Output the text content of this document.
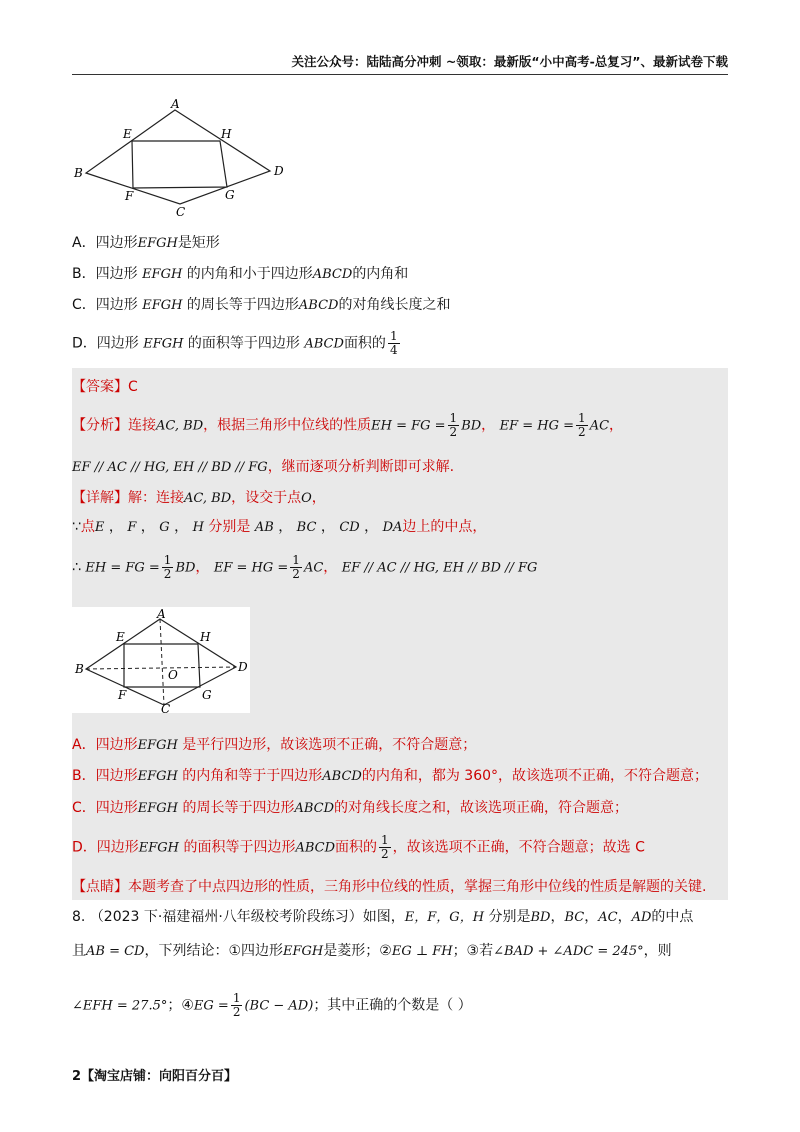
关注公众号：陆陆高分冲刺 ~领取：最新版“小中高考-总复习”、最新试卷下载
A
E	H
B	D
F	G
C
A．四边形EFGH是矩形
B．四边形 EFGH 的内角和小于四边形ABCD的内角和
C．四边形 EFGH 的周长等于四边形ABCD的对角线长度之和
D．四边形 EFGH 的面积等于四边形 ABCD面积的 $\frac{1}{4}$
【答案】C
【分析】连接AC, BD，根据三角形中位线的性质EH = FG = $\frac{1}{2}$ BD， EF = HG = $\frac{1}{2}$ AC，
EF // AC // HG, EH // BD // FG，继而逐项分析判断即可求解.
【详解】解：连接AC, BD，设交于点O，
∵点E ， F ， G ， H 分别是 AB ， BC ， CD ， DA边上的中点，
∴ EH = FG = $\frac{1}{2}$ BD， EF = HG = $\frac{1}{2}$ AC， EF // AC // HG, EH // BD // FG
A
E	H
B	D
F
O
G
C
A．四边形EFGH 是平行四边形，故该选项不正确，不符合题意；
B．四边形EFGH 的内角和等于于四边形ABCD的内角和，都为 360°，故该选项不正确，不符合题意；
C．四边形EFGH 的周长等于四边形ABCD的对角线长度之和，故该选项正确，符合题意；
D．四边形EFGH 的面积等于四边形ABCD面积的 $\frac{1}{2}$ ，故该选项不正确，不符合题意；故选 C
【点睛】本题考查了中点四边形的性质，三角形中位线的性质，掌握三角形中位线的性质是解题的关键.
8. （2023 下·福建福州·八年级校考阶段练习）如图，E，F，G，H 分别是BD，BC，AC，AD的中点
且AB = CD，下列结论：①四边形EFGH是菱形；②EG ⊥ FH；③若∠BAD + ∠ADC = 245°，则
∠EFH = 27.5°；④EG = $\frac{1}{2} (BC - AD)$；其中正确的个数是（ ）
2【淘宝店铺：向阳百分百】
